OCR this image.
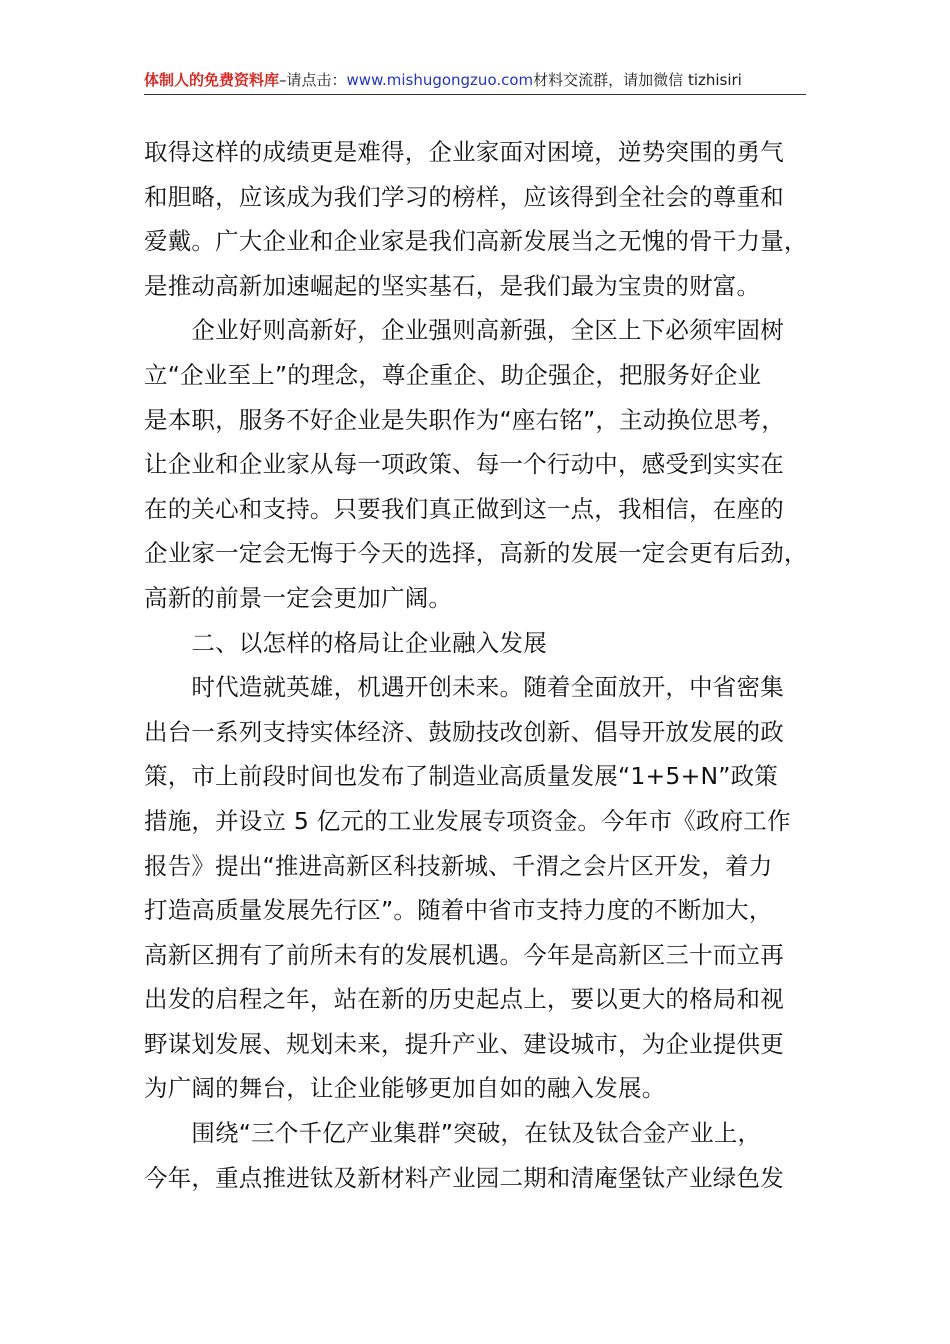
体制人的免费资料库–请点击：www.mishugongzuo.com材料交流群，请加微信 tizhisiri
取得这样的成绩更是难得，企业家面对困境，逆势突围的勇气
和胆略，应该成为我们学习的榜样，应该得到全社会的尊重和
爱戴。广大企业和企业家是我们高新发展当之无愧的骨干力量，
是推动高新加速崛起的坚实基石，是我们最为宝贵的财富。
　　企业好则高新好，企业强则高新强，全区上下必须牢固树
立“企业至上”的理念，尊企重企、助企强企，把服务好企业
是本职，服务不好企业是失职作为“座右铭”，主动换位思考，
让企业和企业家从每一项政策、每一个行动中，感受到实实在
在的关心和支持。只要我们真正做到这一点，我相信，在座的
企业家一定会无悔于今天的选择，高新的发展一定会更有后劲，
高新的前景一定会更加广阔。
　　二、以怎样的格局让企业融入发展
　　时代造就英雄，机遇开创未来。随着全面放开，中省密集
出台一系列支持实体经济、鼓励技改创新、倡导开放发展的政
策，市上前段时间也发布了制造业高质量发展“1+5+N”政策
措施，并设立 5 亿元的工业发展专项资金。今年市《政府工作
报告》提出“推进高新区科技新城、千渭之会片区开发，着力
打造高质量发展先行区”。随着中省市支持力度的不断加大，
高新区拥有了前所未有的发展机遇。今年是高新区三十而立再
出发的启程之年，站在新的历史起点上，要以更大的格局和视
野谋划发展、规划未来，提升产业、建设城市，为企业提供更
为广阔的舞台，让企业能够更加自如的融入发展。
　　围绕“三个千亿产业集群”突破，在钛及钛合金产业上，
今年，重点推进钛及新材料产业园二期和清庵堡钛产业绿色发
